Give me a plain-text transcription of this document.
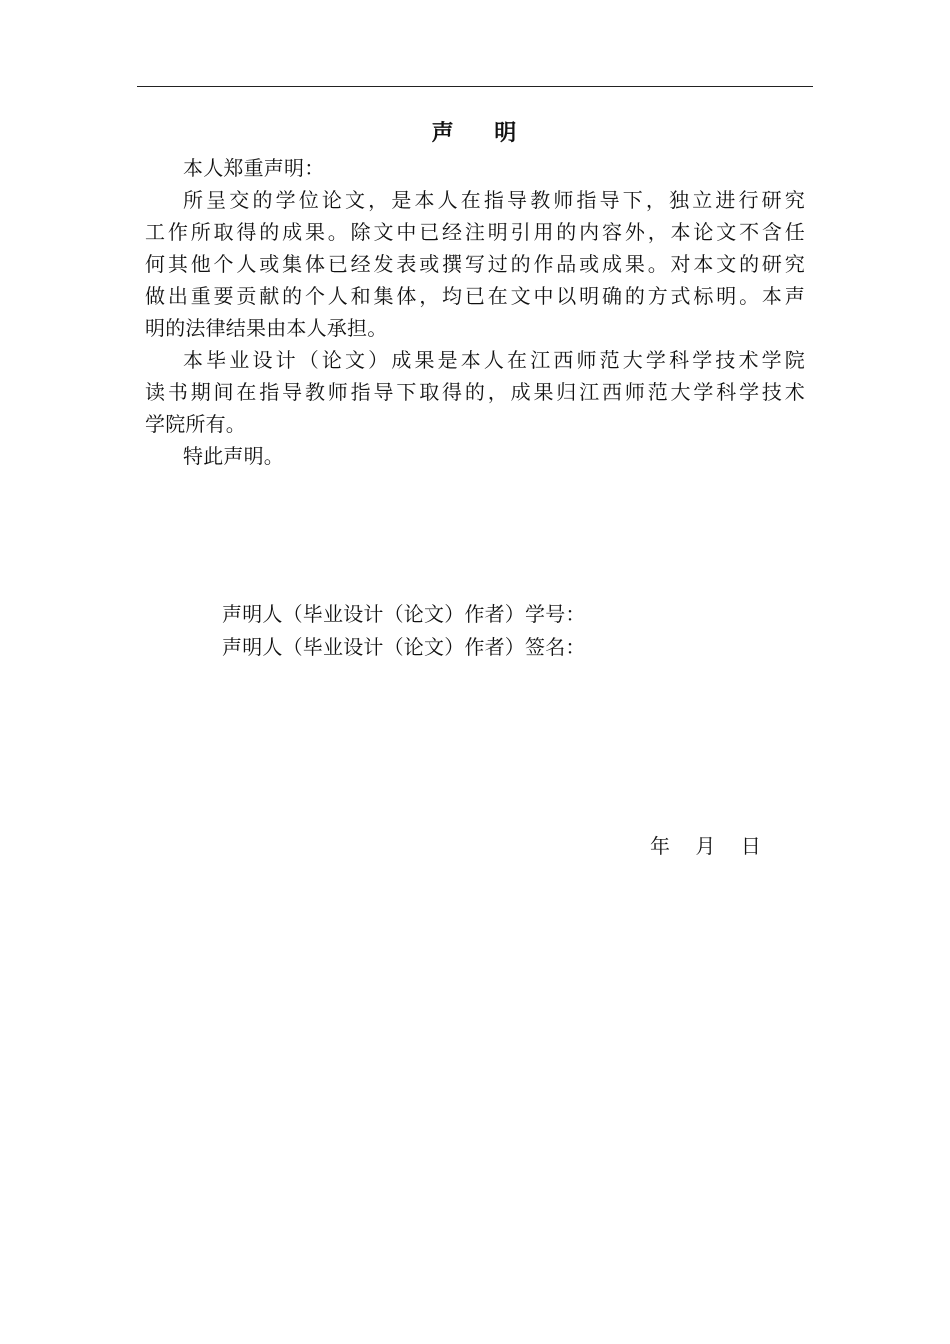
声    明
本人郑重声明：
所呈交的学位论文，是本人在指导教师指导下，独立进行研究
工作所取得的成果。除文中已经注明引用的内容外，本论文不含任
何其他个人或集体已经发表或撰写过的作品或成果。对本文的研究
做出重要贡献的个人和集体，均已在文中以明确的方式标明。本声
明的法律结果由本人承担。
本毕业设计（论文）成果是本人在江西师范大学科学技术学院
读书期间在指导教师指导下取得的，成果归江西师范大学科学技术
学院所有。
特此声明。
声明人（毕业设计（论文）作者）学号：
声明人（毕业设计（论文）作者）签名：
年    月    日
